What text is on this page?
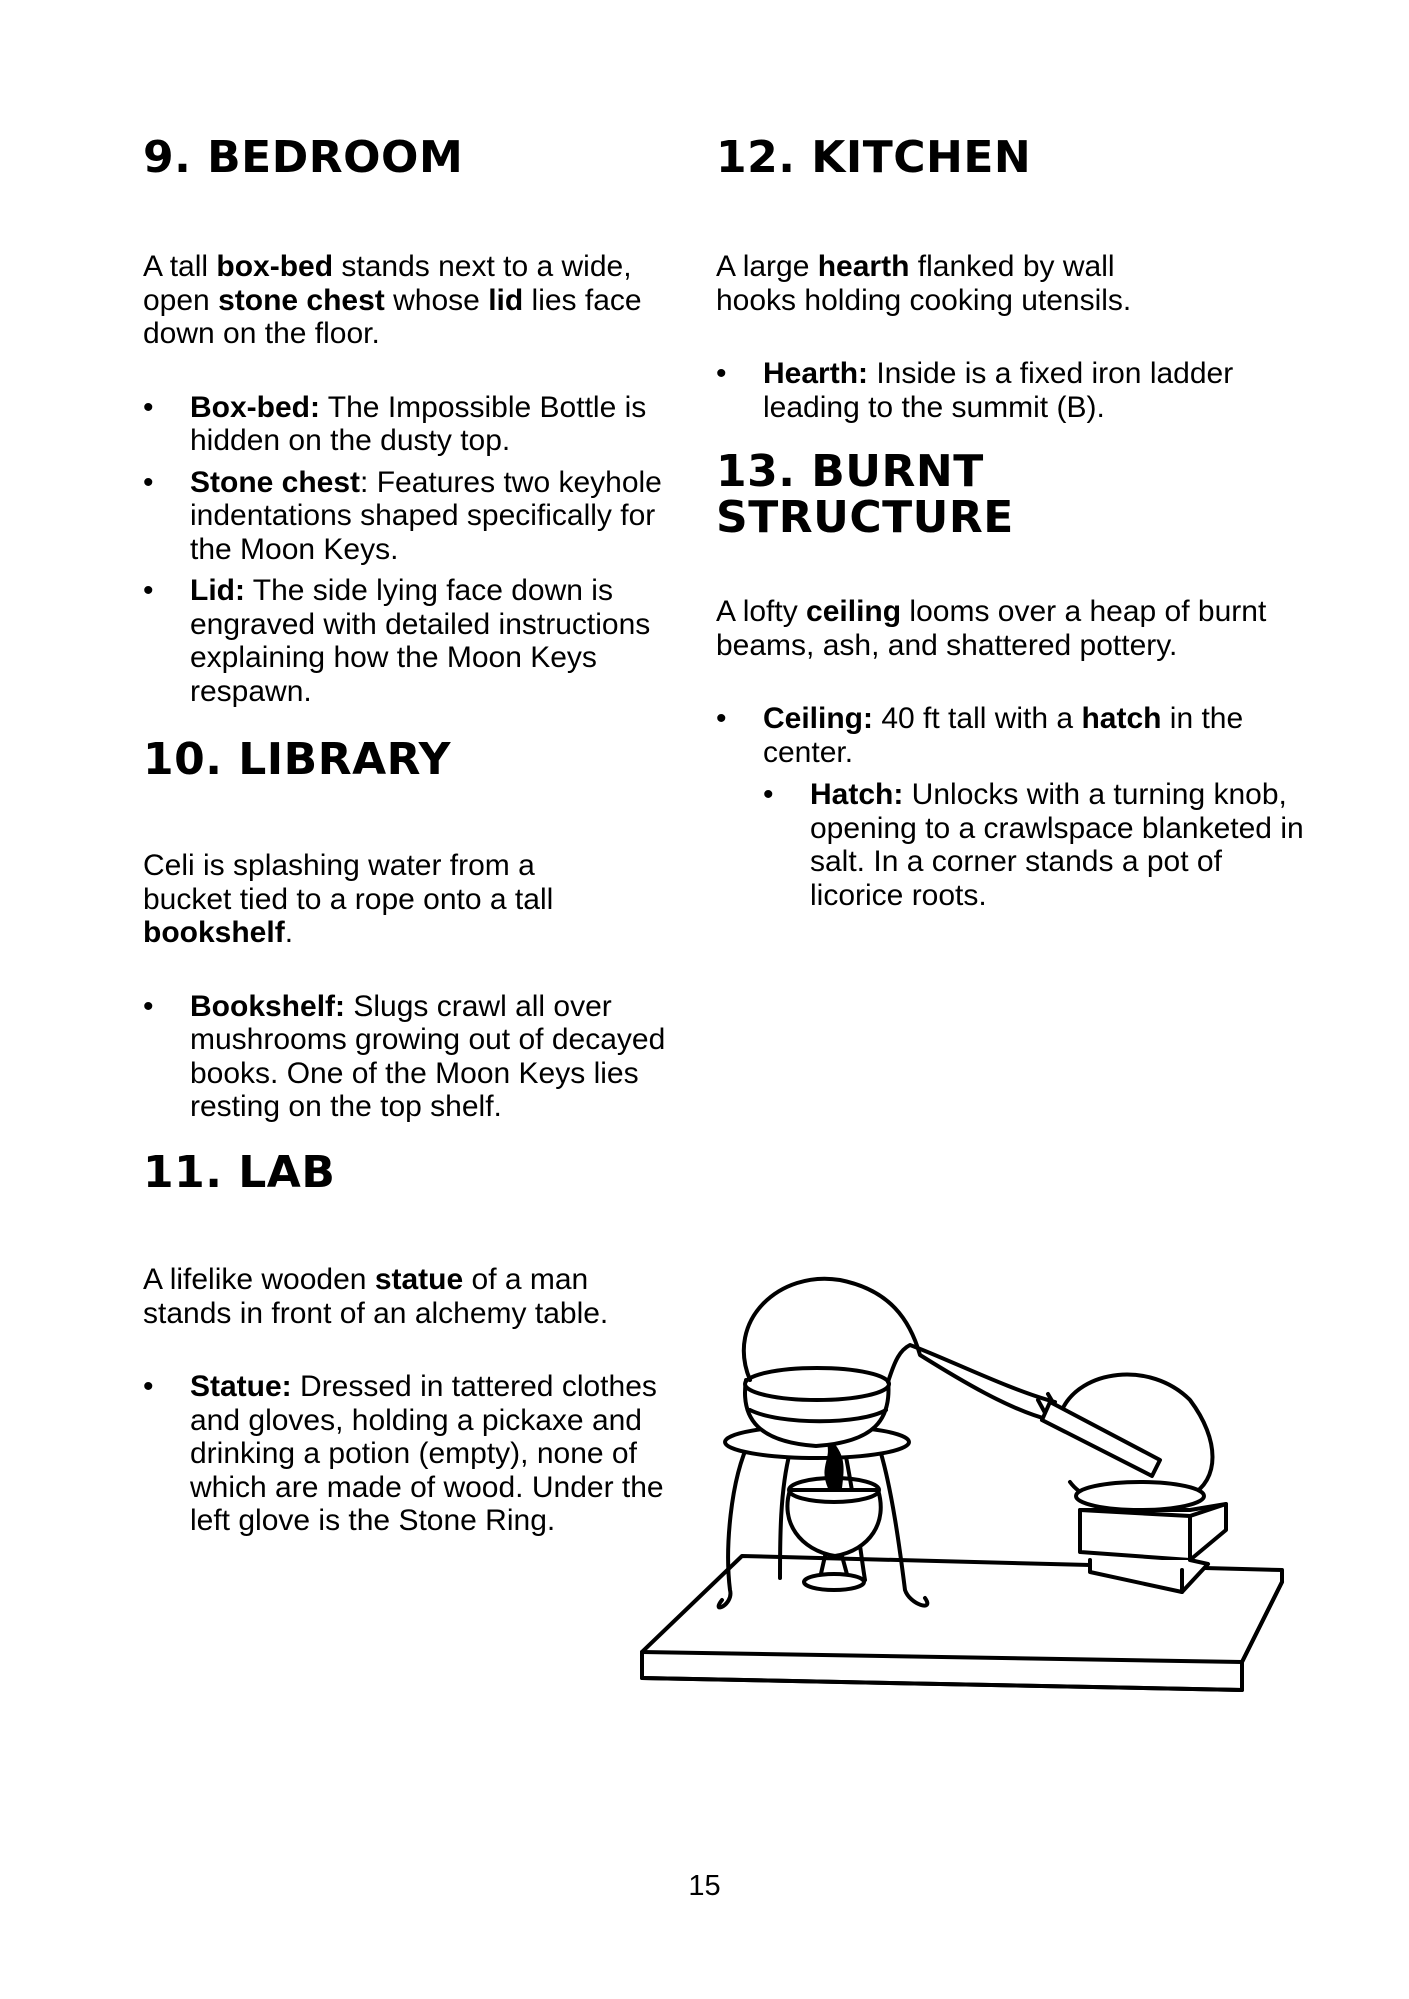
9. BEDROOM

A tall box-bed stands next to a wide, open stone chest whose lid lies face down on the floor.

• Box-bed: The Impossible Bottle is hidden on the dusty top.
• Stone chest: Features two keyhole indentations shaped specifically for the Moon Keys.
• Lid: The side lying face down is engraved with detailed instructions explaining how the Moon Keys respawn.
10. LIBRARY

Celi is splashing water from a bucket tied to a rope onto a tall bookshelf.

• Bookshelf: Slugs crawl all over mushrooms growing out of decayed books. One of the Moon Keys lies resting on the top shelf.
11. LAB

A lifelike wooden statue of a man stands in front of an alchemy table.

• Statue: Dressed in tattered clothes and gloves, holding a pickaxe and drinking a potion (empty), none of which are made of wood. Under the left glove is the Stone Ring.
12. KITCHEN

A large hearth flanked by wall hooks holding cooking utensils.

• Hearth: Inside is a fixed iron ladder leading to the summit (B).
13. BURNT
STRUCTURE

A lofty ceiling looms over a heap of burnt beams, ash, and shattered pottery.

• Ceiling: 40 ft tall with a hatch in the center.
• Hatch: Unlocks with a turning knob, opening to a crawlspace blanketed in salt. In a corner stands a pot of licorice roots.
15
